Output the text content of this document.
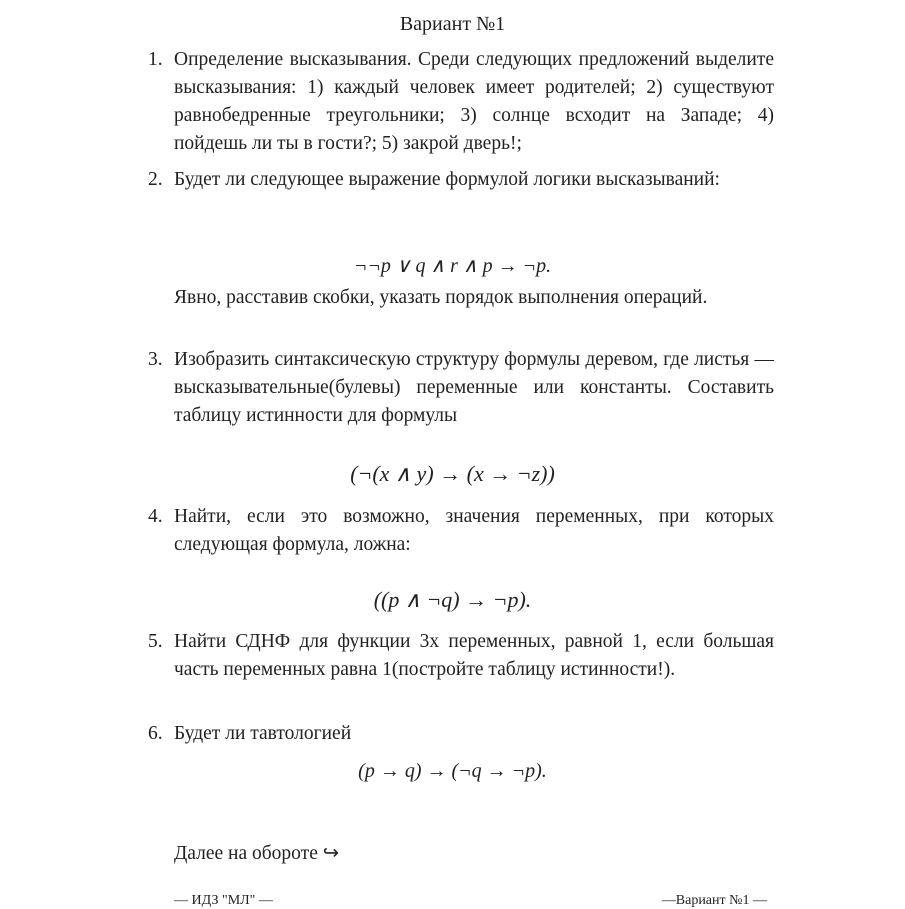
Вариант №1
1. Определение высказывания. Среди следующих предложений выделите высказывания: 1) каждый человек имеет родителей; 2) существуют равнобедренные треугольники; 3) солнце всходит на Западе; 4) пойдешь ли ты в гости?; 5) закрой дверь!;
2. Будет ли следующее выражение формулой логики высказываний:
¬¬p ∨ q ∧ r ∧ p → ¬p.
Явно, расставив скобки, указать порядок выполнения операций.
3. Изобразить синтаксическую структуру формулы деревом, где листья — высказывательные(булевы) переменные или константы. Составить таблицу истинности для формулы
(¬(x ∧ y) → (x → ¬z))
4. Найти, если это возможно, значения переменных, при которых следующая формула, ложна:
((p ∧ ¬q) → ¬p).
5. Найти СДНФ для функции 3х переменных, равной 1, если большая часть переменных равна 1(постройте таблицу истинности!).
6. Будет ли тавтологией
(p → q) → (¬q → ¬p).
Далее на обороте ↪
— ИДЗ "МЛ" —	—Вариант №1 —
